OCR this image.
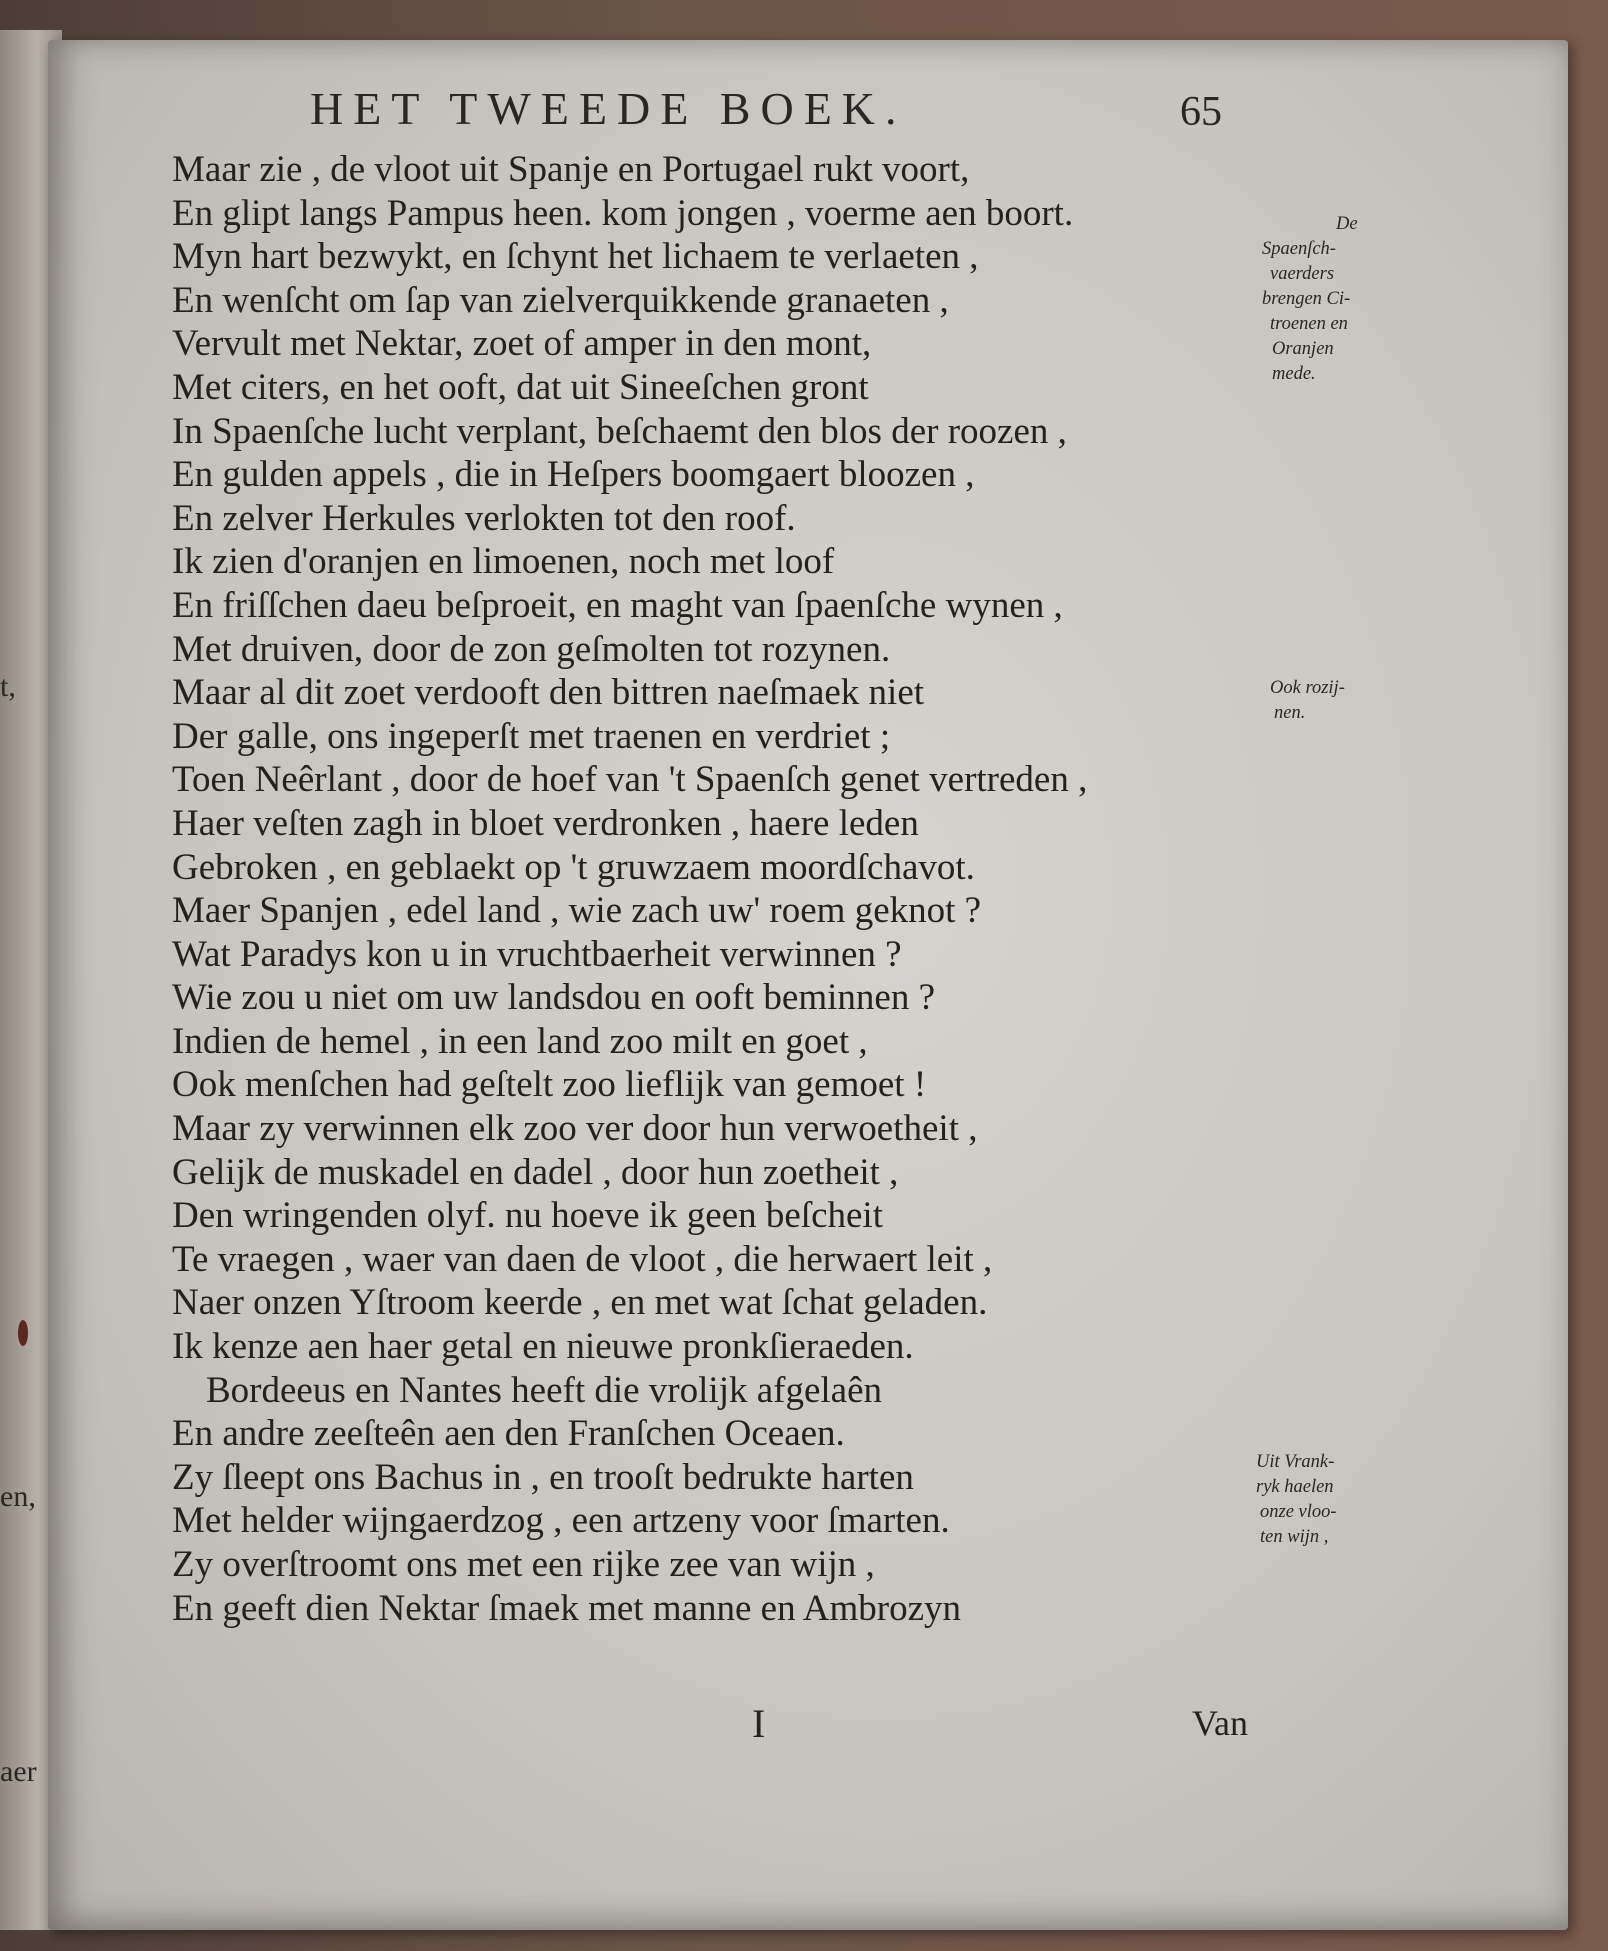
t,
en,
aer
HET TWEEDE BOEK.	65
Maar zie , de vloot uit Spanje en Portugael rukt voort,
En glipt langs Pampus heen. kom jongen , voerme aen boort.
Myn hart bezwykt, en ſchynt het lichaem te verlaeten ,
En wenſcht om ſap van zielverquikkende granaeten ,
Vervult met Nektar, zoet of amper in den mont,
Met citers, en het ooft, dat uit Sineeſchen gront
In Spaenſche lucht verplant, beſchaemt den blos der roozen ,
En gulden appels , die in Heſpers boomgaert bloozen ,
En zelver Herkules verlokten tot den roof.
Ik zien d'oranjen en limoenen, noch met loof
En friſſchen daeu beſproeit, en maght van ſpaenſche wynen ,
Met druiven, door de zon geſmolten tot rozynen.
Maar al dit zoet verdooft den bittren naeſmaek niet
Der galle, ons ingeperſt met traenen en verdriet ;
Toen Neêrlant , door de hoef van 't Spaenſch genet vertreden ,
Haer veſten zagh in bloet verdronken , haere leden
Gebroken , en geblaekt op 't gruwzaem moordſchavot.
Maer Spanjen , edel land , wie zach uw' roem geknot ?
Wat Paradys kon u in vruchtbaerheit verwinnen ?
Wie zou u niet om uw landsdou en ooft beminnen ?
Indien de hemel , in een land zoo milt en goet ,
Ook menſchen had geſtelt zoo lieflijk van gemoet !
Maar zy verwinnen elk zoo ver door hun verwoetheit ,
Gelijk de muskadel en dadel , door hun zoetheit ,
Den wringenden olyf. nu hoeve ik geen beſcheit
Te vraegen , waer van daen de vloot , die herwaert leit ,
Naer onzen Yſtroom keerde , en met wat ſchat geladen.
Ik kenze aen haer getal en nieuwe pronkſieraeden.
Bordeeus en Nantes heeft die vrolijk afgelaên
En andre zeeſteên aen den Franſchen Oceaen.
Zy ſleept ons Bachus in , en trooſt bedrukte harten
Met helder wijngaerdzog , een artzeny voor ſmarten.
Zy overſtroomt ons met een rijke zee van wijn ,
En geeft dien Nektar ſmaek met manne en Ambrozyn
De
Spaenſch-
vaerders
brengen Ci-
troenen en
Oranjen
mede.
Ook rozij-
nen.
Uit Vrank-
ryk haelen
onze vloo-
ten wijn ,
I	Van
